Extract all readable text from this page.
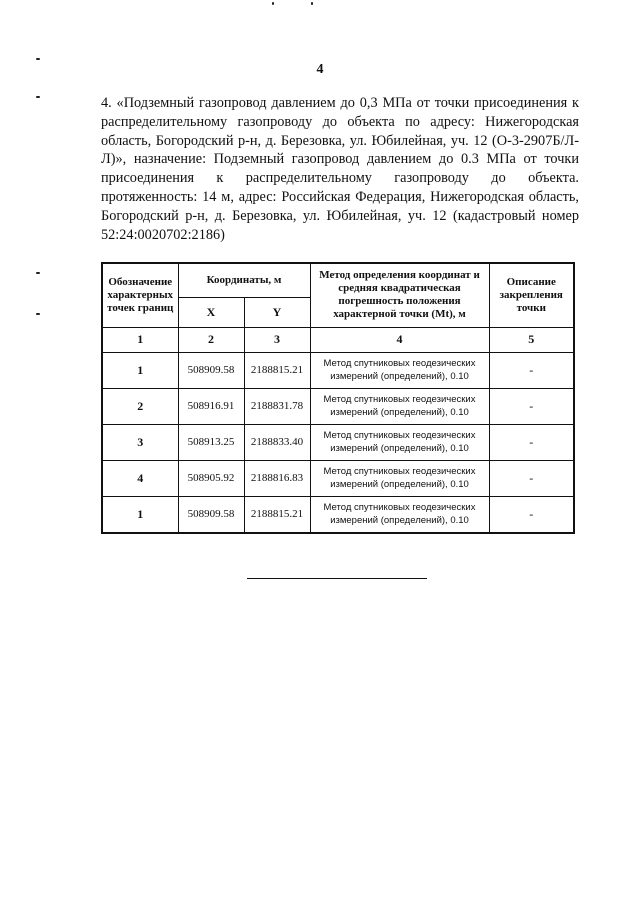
4

4. «Подземный газопровод давлением до 0,3 МПа от точки присоединения к распределительному газопроводу до объекта по адресу: Нижегородская область, Богородский р-н, д. Березовка, ул. Юбилейная, уч. 12 (О-3-2907Б/Л-Л)», назначение: Подземный газопровод давлением до 0.3 МПа от точки присоединения к распределительному газопроводу до объекта. протяженность: 14 м, адрес: Российская Федерация, Нижегородская область, Богородский р-н, д. Березовка, ул. Юбилейная, уч. 12 (кадастровый номер 52:24:0020702:2186)

Обозначение характерных точек границ	Координаты, м		Метод определения координат и средняя квадратическая погрешность положения характерной точки (Mt), м	Описание закрепления точки
	X	Y		
1	2	3	4	5
1	508909.58	2188815.21	Метод спутниковых геодезических измерений (определений), 0.10	-
2	508916.91	2188831.78	Метод спутниковых геодезических измерений (определений), 0.10	-
3	508913.25	2188833.40	Метод спутниковых геодезических измерений (определений), 0.10	-
4	508905.92	2188816.83	Метод спутниковых геодезических измерений (определений), 0.10	-
1	508909.58	2188815.21	Метод спутниковых геодезических измерений (определений), 0.10	-
